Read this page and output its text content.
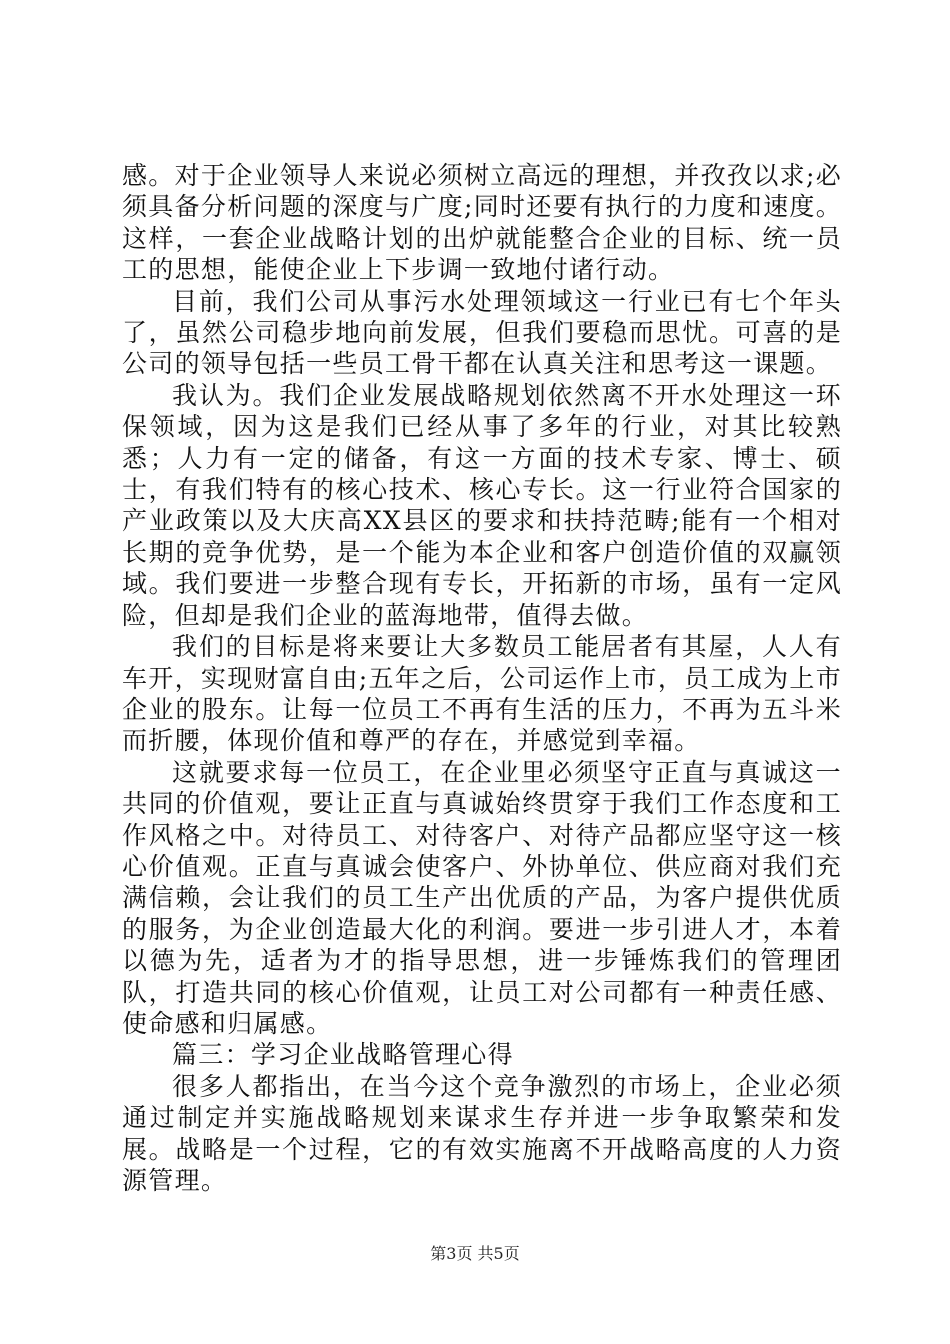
感。对于企业领导人来说必须树立高远的理想，并孜孜以求;必须具备分析问题的深度与广度;同时还要有执行的力度和速度。这样，一套企业战略计划的出炉就能整合企业的目标、统一员工的思想，能使企业上下步调一致地付诸行动。

目前，我们公司从事污水处理领域这一行业已有七个年头了，虽然公司稳步地向前发展，但我们要稳而思忧。可喜的是公司的领导包括一些员工骨干都在认真关注和思考这一课题。

我认为。我们企业发展战略规划依然离不开水处理这一环保领域，因为这是我们已经从事了多年的行业，对其比较熟悉；人力有一定的储备，有这一方面的技术专家、博士、硕士，有我们特有的核心技术、核心专长。这一行业符合国家的产业政策以及大庆高XX县区的要求和扶持范畴;能有一个相对长期的竞争优势，是一个能为本企业和客户创造价值的双赢领域。我们要进一步整合现有专长，开拓新的市场，虽有一定风险，但却是我们企业的蓝海地带，值得去做。

我们的目标是将来要让大多数员工能居者有其屋，人人有车开，实现财富自由;五年之后，公司运作上市，员工成为上市企业的股东。让每一位员工不再有生活的压力，不再为五斗米而折腰，体现价值和尊严的存在，并感觉到幸福。

这就要求每一位员工，在企业里必须坚守正直与真诚这一共同的价值观，要让正直与真诚始终贯穿于我们工作态度和工作风格之中。对待员工、对待客户、对待产品都应坚守这一核心价值观。正直与真诚会使客户、外协单位、供应商对我们充满信赖，会让我们的员工生产出优质的产品，为客户提供优质的服务，为企业创造最大化的利润。要进一步引进人才，本着以德为先，适者为才的指导思想，进一步锤炼我们的管理团队，打造共同的核心价值观，让员工对公司都有一种责任感、使命感和归属感。

篇三：学习企业战略管理心得

很多人都指出，在当今这个竞争激烈的市场上，企业必须通过制定并实施战略规划来谋求生存并进一步争取繁荣和发展。战略是一个过程，它的有效实施离不开战略高度的人力资源管理。

第3页 共5页
